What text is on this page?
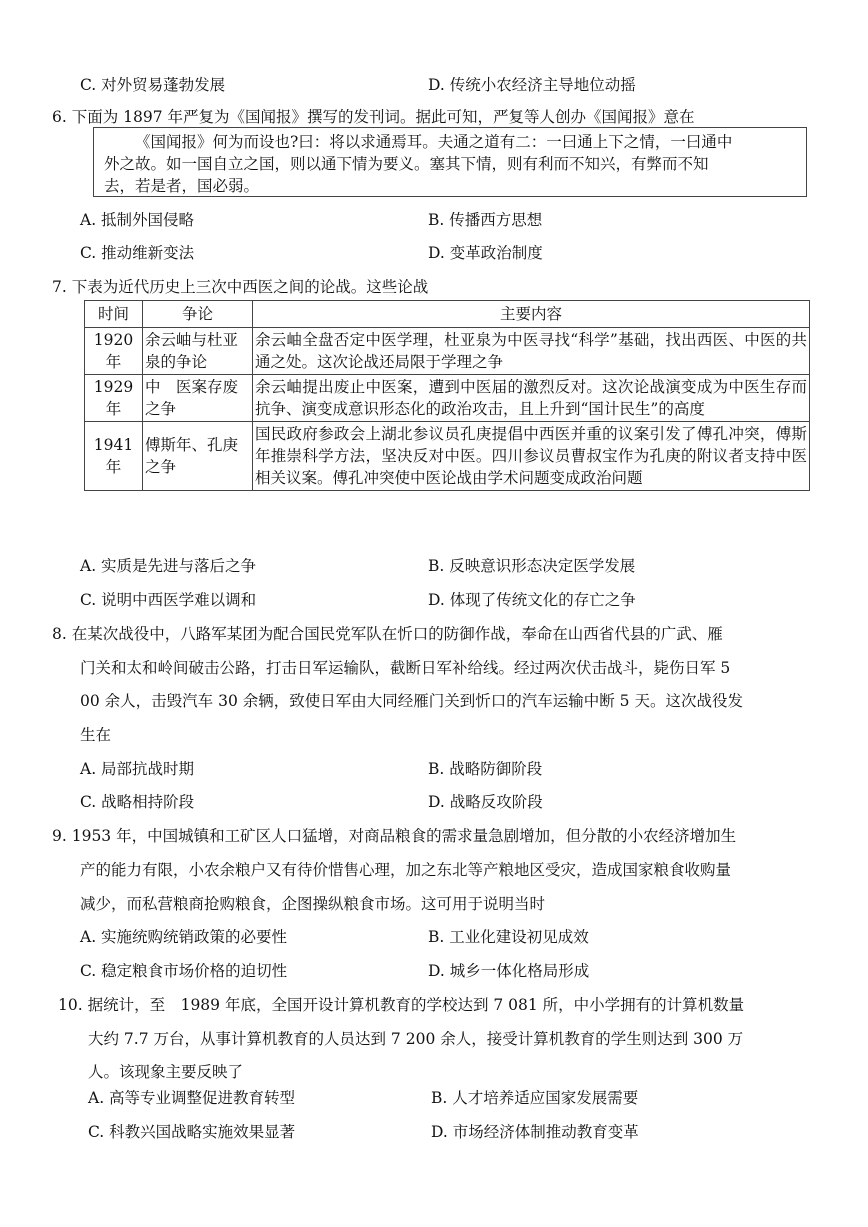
C. 对外贸易蓬勃发展	D. 传统小农经济主导地位动摇
6. 下面为 1897 年严复为《国闻报》撰写的发刊词。据此可知，严复等人创办《国闻报》意在
《国闻报》何为而设也?曰：将以求通焉耳。夫通之道有二：一曰通上下之情，一曰通中
外之故。如一国自立之国，则以通下情为要义。塞其下情，则有利而不知兴，有弊而不知
去，若是者，国必弱。
A. 抵制外国侵略	B. 传播西方思想
C. 推动维新变法	D. 变革政治制度
7. 下表为近代历史上三次中西医之间的论战。这些论战
时间	争论	主要内容
1920 年	余云岫与杜亚泉的争论	余云岫全盘否定中医学理，杜亚泉为中医寻找“科学”基础，找出西医、中医的共通之处。这次论战还局限于学理之争
1929 年	中　医案存废之争	余云岫提出废止中医案，遭到中医届的激烈反对。这次论战演变成为中医生存而抗争、演变成意识形态化的政治攻击，且上升到“国计民生”的高度
1941 年	傅斯年、孔庚之争	国民政府参政会上湖北参议员孔庚提倡中西医并重的议案引发了傅孔冲突，傅斯年推崇科学方法，坚决反对中医。四川参议员曹叔宝作为孔庚的附议者支持中医相关议案。傅孔冲突使中医论战由学术问题变成政治问题
A. 实质是先进与落后之争	B. 反映意识形态决定医学发展
C. 说明中西医学难以调和	D. 体现了传统文化的存亡之争
8. 在某次战役中，八路军某团为配合国民党军队在忻口的防御作战，奉命在山西省代县的广武、雁
门关和太和岭间破击公路，打击日军运输队，截断日军补给线。经过两次伏击战斗，毙伤日军 5
00 余人，击毁汽车 30 余辆，致使日军由大同经雁门关到忻口的汽车运输中断 5 天。这次战役发
生在
A. 局部抗战时期	B. 战略防御阶段
C. 战略相持阶段	D. 战略反攻阶段
9. 1953 年，中国城镇和工矿区人口猛增，对商品粮食的需求量急剧增加，但分散的小农经济增加生
产的能力有限，小农余粮户又有待价惜售心理，加之东北等产粮地区受灾，造成国家粮食收购量
减少，而私营粮商抢购粮食，企图操纵粮食市场。这可用于说明当时
A. 实施统购统销政策的必要性	B. 工业化建设初见成效
C. 稳定粮食市场价格的迫切性	D. 城乡一体化格局形成
10. 据统计，至　1989 年底，全国开设计算机教育的学校达到 7 081 所，中小学拥有的计算机数量
大约 7.7 万台，从事计算机教育的人员达到 7 200 余人，接受计算机教育的学生则达到 300 万
人。该现象主要反映了
A. 高等专业调整促进教育转型	B. 人才培养适应国家发展需要
C. 科教兴国战略实施效果显著	D. 市场经济体制推动教育变革
